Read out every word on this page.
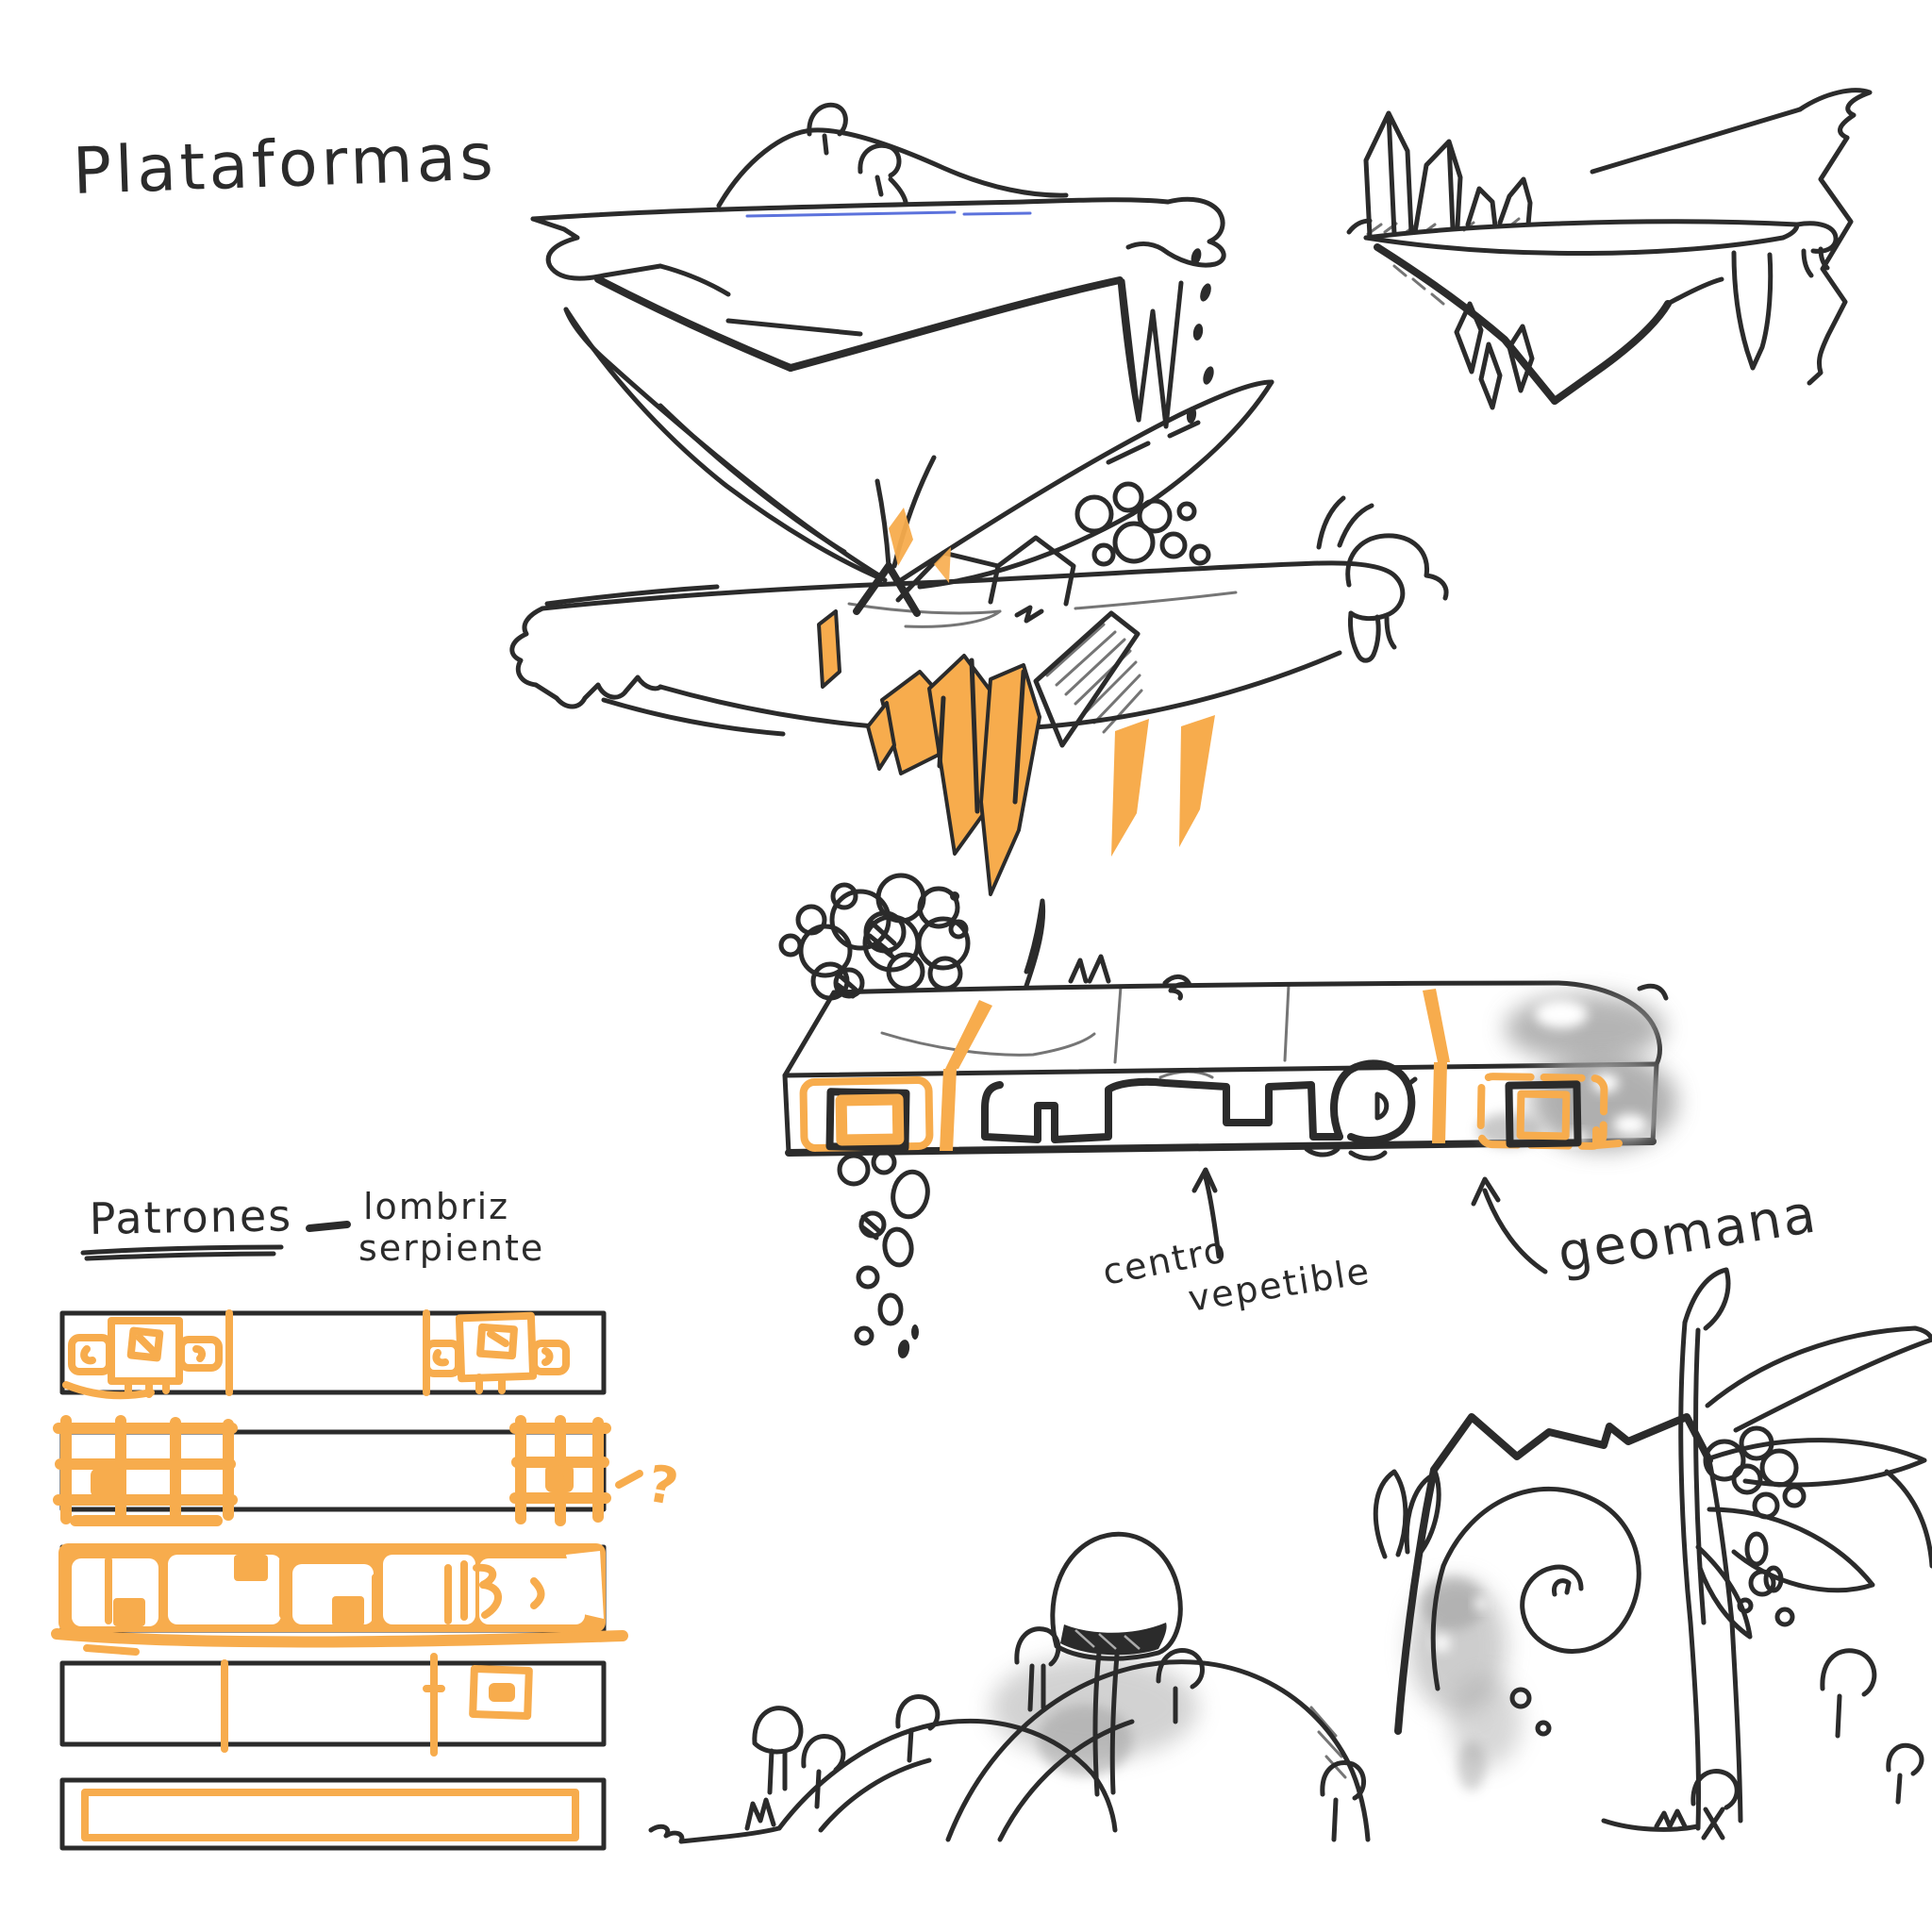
Plataformas
centro
vepetible
geomana
Patrones lombriz
serpiente
?
